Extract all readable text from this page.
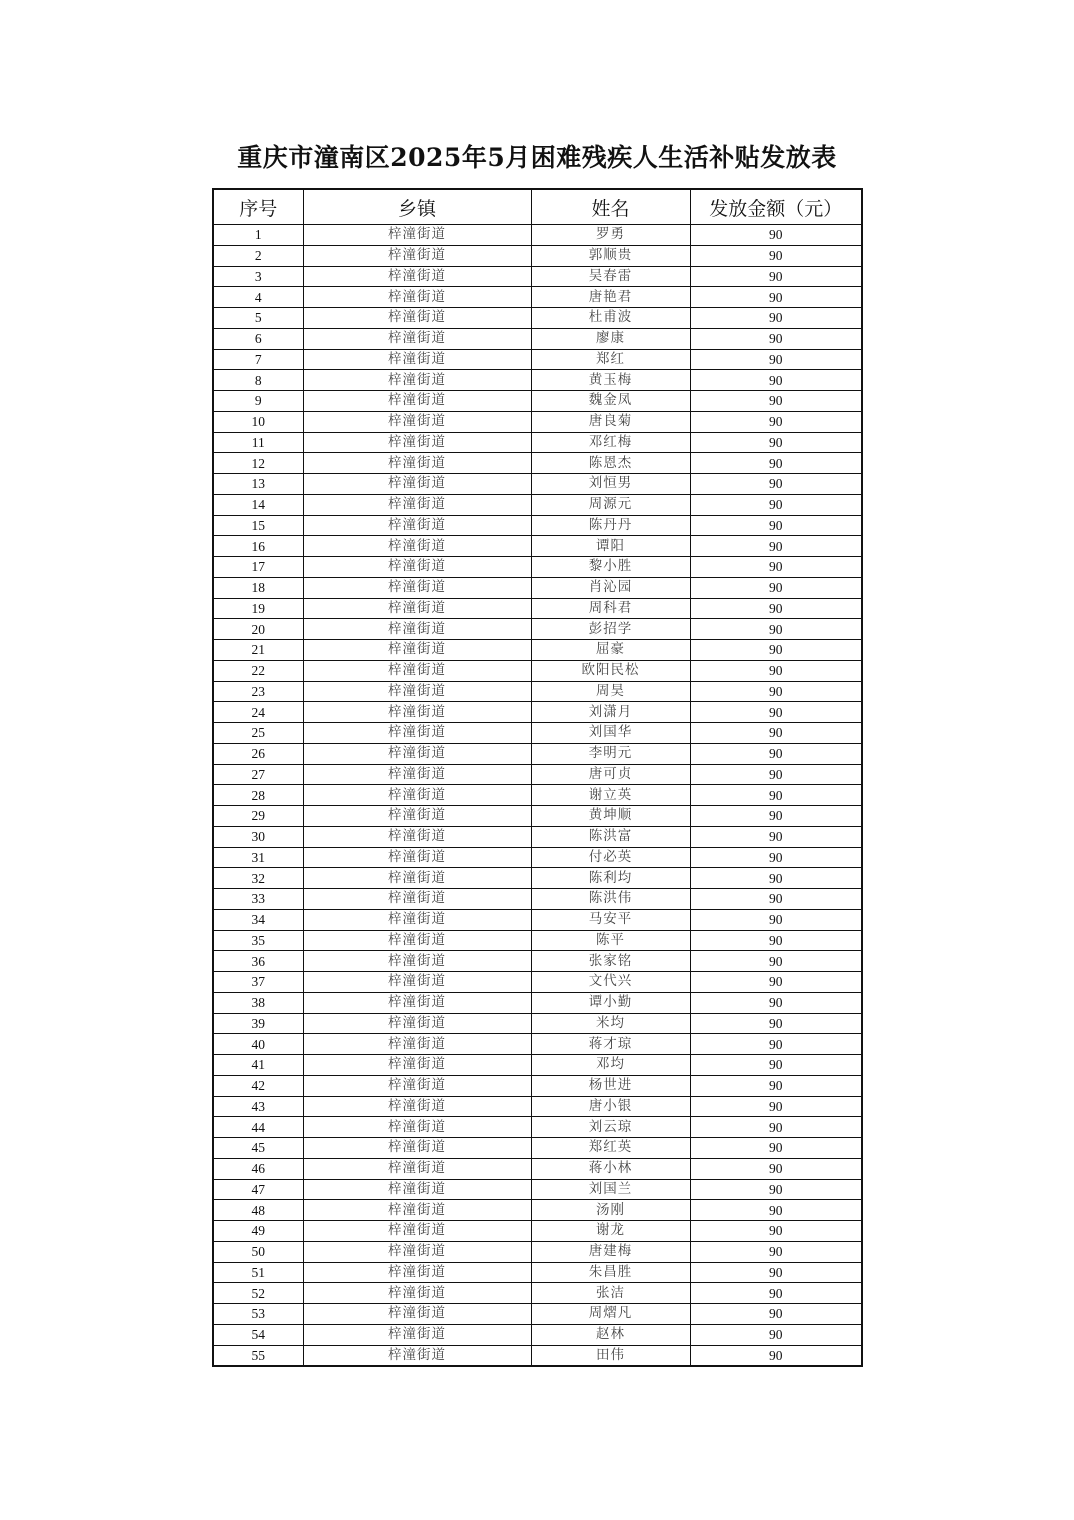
重庆市潼南区2025年5月困难残疾人生活补贴发放表
序号	乡镇	姓名	发放金额（元）
1	梓潼街道	罗勇	90
2	梓潼街道	郭顺贵	90
3	梓潼街道	吴春雷	90
4	梓潼街道	唐艳君	90
5	梓潼街道	杜甫波	90
6	梓潼街道	廖康	90
7	梓潼街道	郑红	90
8	梓潼街道	黄玉梅	90
9	梓潼街道	魏金凤	90
10	梓潼街道	唐良菊	90
11	梓潼街道	邓红梅	90
12	梓潼街道	陈恩杰	90
13	梓潼街道	刘恒男	90
14	梓潼街道	周源元	90
15	梓潼街道	陈丹丹	90
16	梓潼街道	谭阳	90
17	梓潼街道	黎小胜	90
18	梓潼街道	肖沁园	90
19	梓潼街道	周科君	90
20	梓潼街道	彭招学	90
21	梓潼街道	屈豪	90
22	梓潼街道	欧阳民松	90
23	梓潼街道	周昊	90
24	梓潼街道	刘潇月	90
25	梓潼街道	刘国华	90
26	梓潼街道	李明元	90
27	梓潼街道	唐可贞	90
28	梓潼街道	谢立英	90
29	梓潼街道	黄坤顺	90
30	梓潼街道	陈洪富	90
31	梓潼街道	付必英	90
32	梓潼街道	陈利均	90
33	梓潼街道	陈洪伟	90
34	梓潼街道	马安平	90
35	梓潼街道	陈平	90
36	梓潼街道	张家铭	90
37	梓潼街道	文代兴	90
38	梓潼街道	谭小勤	90
39	梓潼街道	米均	90
40	梓潼街道	蒋才琼	90
41	梓潼街道	邓均	90
42	梓潼街道	杨世进	90
43	梓潼街道	唐小银	90
44	梓潼街道	刘云琼	90
45	梓潼街道	郑红英	90
46	梓潼街道	蒋小林	90
47	梓潼街道	刘国兰	90
48	梓潼街道	汤刚	90
49	梓潼街道	谢龙	90
50	梓潼街道	唐建梅	90
51	梓潼街道	朱昌胜	90
52	梓潼街道	张洁	90
53	梓潼街道	周熠凡	90
54	梓潼街道	赵林	90
55	梓潼街道	田伟	90
